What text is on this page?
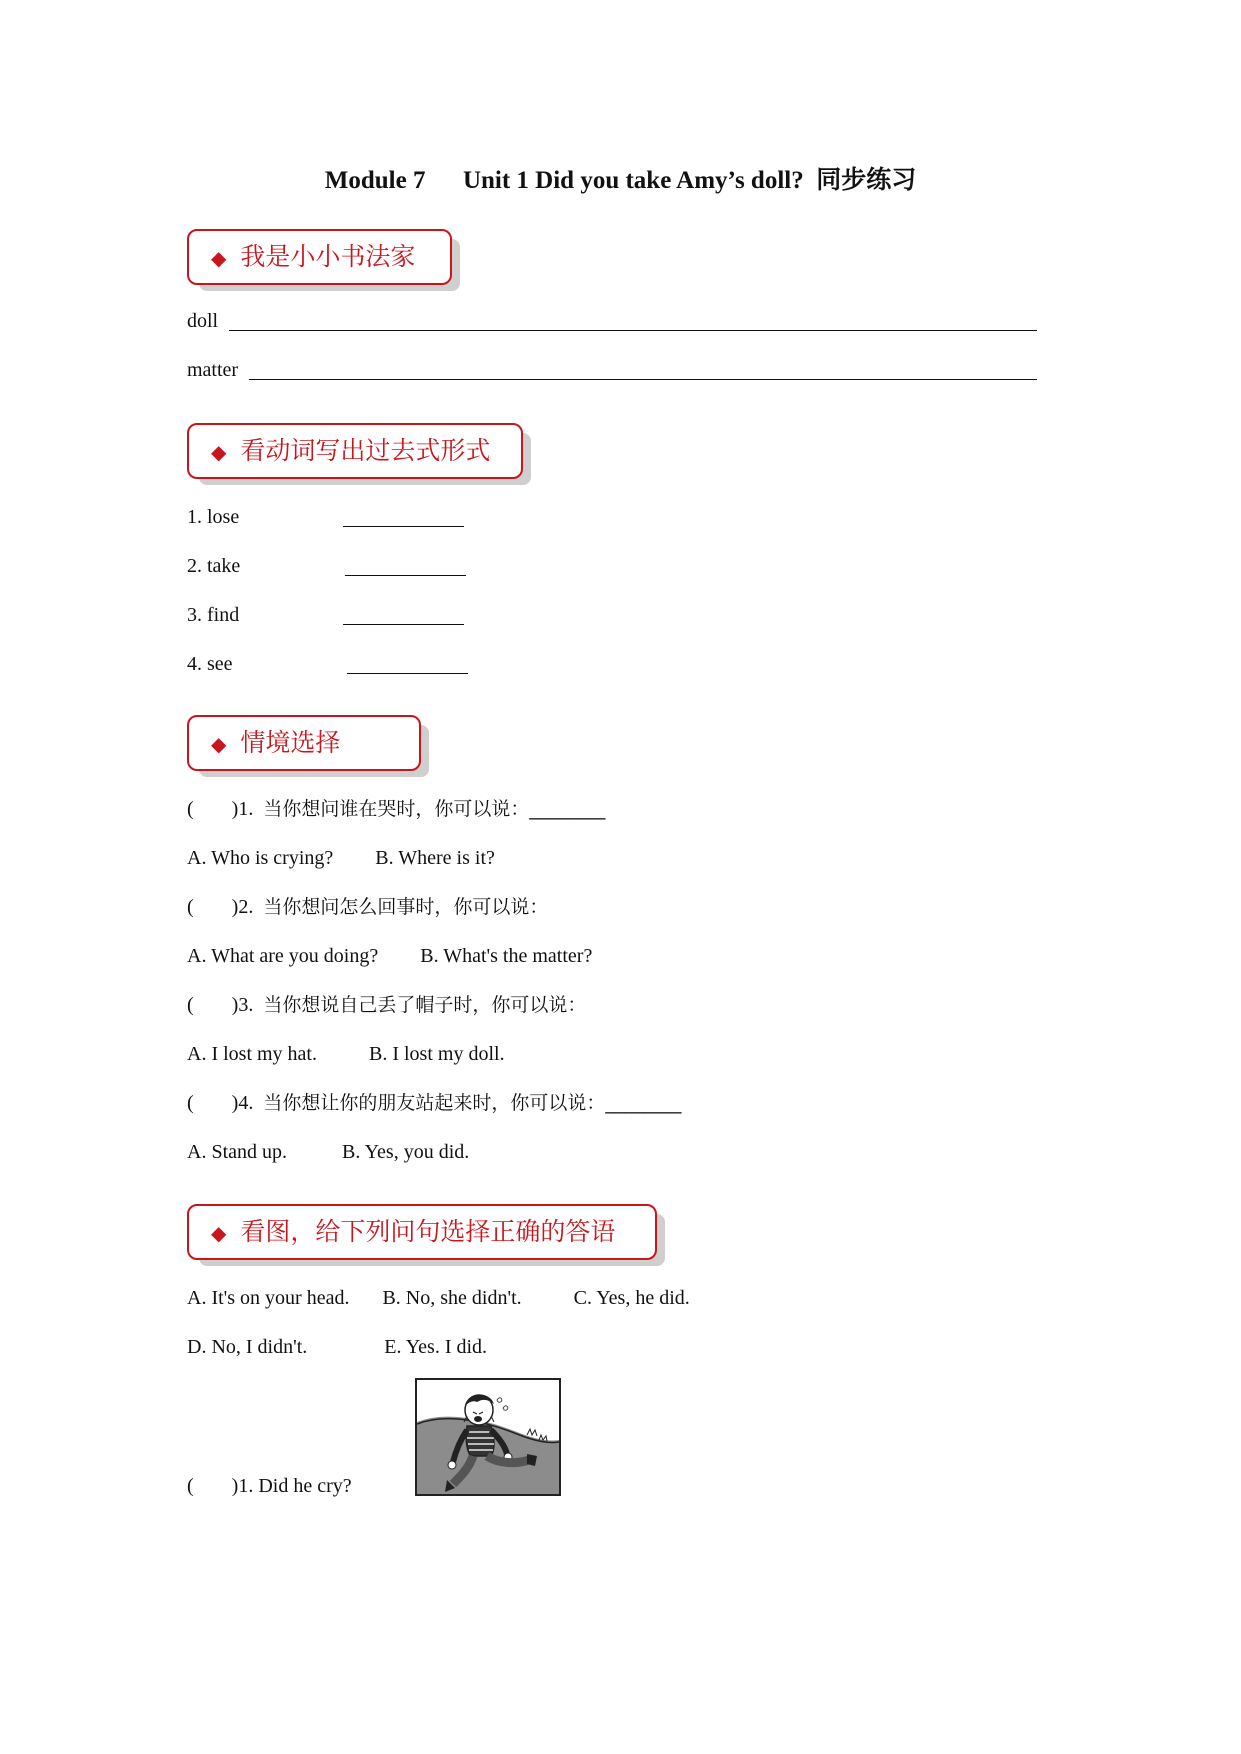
Module 7      Unit 1 Did you take Amy’s doll?  同步练习
◆ 我是小小书法家
doll
matter
◆ 看动词写出过去式形式
1. lose
2. take
3. find
4. see
◆ 情境选择
( )1. 当你想问谁在哭时，你可以说：________
A. Who is crying? B. Where is it?
( )2. 当你想问怎么回事时，你可以说：
A. What are you doing? B. What's the matter?
( )3. 当你想说自己丢了帽子时，你可以说：
A. I lost my hat.	B. I lost my doll.
( )4. 当你想让你的朋友站起来时，你可以说：________
A. Stand up.	B. Yes, you did.
◆ 看图，给下列问句选择正确的答语
A. It's on your head. B. No, she didn't.	C. Yes, he did.
D. No, I didn't.	E. Yes. I did.
( )1. Did he cry?
